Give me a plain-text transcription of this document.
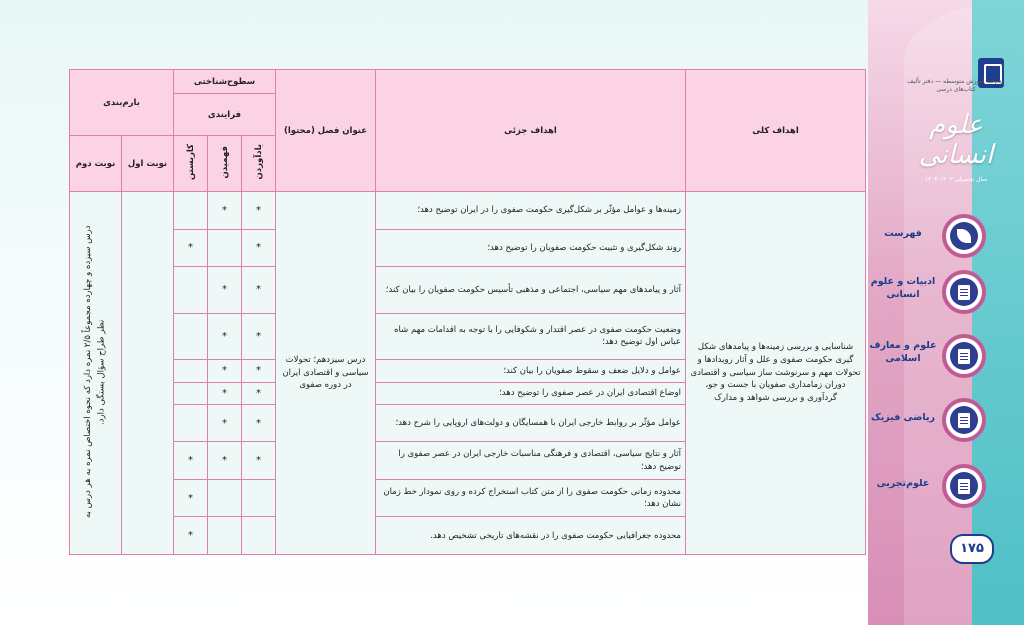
اهداف کلی	اهداف جزئی	عنوان فصل (محتوا)	سطوح‌شناختی			بارم‌بندی	
			فرایندی				
			یادآوردن	فهمیدن	کاربستن	نوبت اول	نوبت دوم
شناسایی و بررسی زمینه‌ها و پیامدهای شکل گیری حکومت صفوی و علل و آثار رویدادها و تحولات مهم و سرنوشت ساز سیاسی و اقتصادی دوران زمامداری صفویان با جست و جو، گردآوری و بررسی شواهد و مدارک	زمینه‌ها و عوامل مؤثّر بر شکل‌گیری حکومت صفوی را در ایران توضیح دهد؛	درس سیزدهم؛ تحولات سیاسی و اقتصادی ایران در دوره صفوی	*	*			درس سیزده و چهارده مجموعاً ۲/۵ نمره دارد که نحوه اختصاص نمره به هر درس به نظر طراح سؤال بستگی دارد.
	روند شکل‌گیری و تثبیت حکومت صفویان را توضیح دهد؛		*		*		
	آثار و پیامدهای مهم سیاسی، اجتماعی و مذهبی تأسیس حکومت صفویان را بیان کند؛		*	*			
	وضعیت حکومت صفوی در عصر اقتدار و شکوفایی را با توجه به اقدامات مهم شاه عباس اول توضیح دهد؛		*	*			
	عوامل و دلایل ضعف و سقوط صفویان را بیان کند؛		*	*			
	اوضاع اقتصادی ایران در عصر صفوی را توضیح دهد؛		*	*			
	عوامل مؤثّر بر روابط خارجی ایران با همسایگان و دولت‌های اروپایی را شرح دهد؛		*	*			
	آثار و نتایج سیاسی، اقتصادی و فرهنگی مناسبات خارجی ایران در عصر صفوی را توضیح دهد؛		*	*	*		
	محدوده زمانی حکومت صفوی را از متن کتاب استخراج کرده و روی نمودار خط زمان نشان دهد؛				*		
	محدوده جغرافیایی حکومت صفوی را در نقشه‌های تاریخی تشخیص دهد.				*		
معاونت آموزش متوسطه — دفتر تألیف کتاب‌های درسی
علوم انسانی
سال تحصیلی ۱۴۰۳-۱۴۰۴
فهرست
ادبیات و علوم انسانی
علوم و معارف اسلامی
ریاضی فیزیک
علوم‌تجربی
۱۷۵
